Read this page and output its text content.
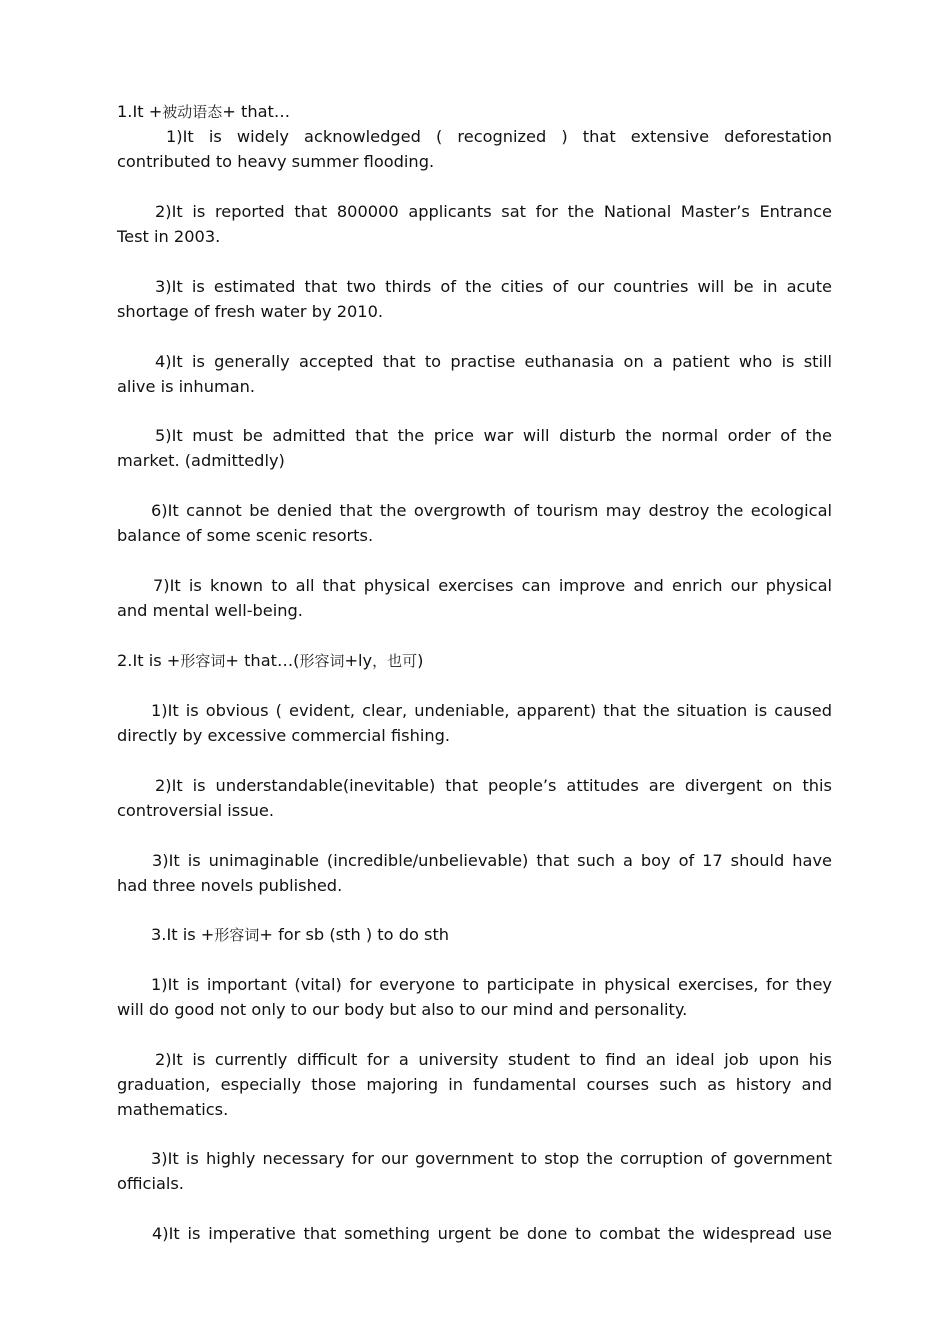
1.It +被动语态+ that…
1)It is widely acknowledged ( recognized ) that extensive deforestation
contributed to heavy summer flooding.
2)It is reported that 800000 applicants sat for the National Master’s Entrance
Test in 2003.
3)It is estimated that two thirds of the cities of our countries will be in acute
shortage of fresh water by 2010.
4)It is generally accepted that to practise euthanasia on a patient who is still
alive is inhuman.
5)It must be admitted that the price war will disturb the normal order of the
market. (admittedly)
6)It cannot be denied that the overgrowth of tourism may destroy the ecological
balance of some scenic resorts.
7)It is known to all that physical exercises can improve and enrich our physical
and mental well-being.
2.It is +形容词+ that…(形容词+ly，也可)
1)It is obvious ( evident, clear, undeniable, apparent) that the situation is caused
directly by excessive commercial fishing.
2)It is understandable(inevitable) that people’s attitudes are divergent on this
controversial issue.
3)It is unimaginable (incredible/unbelievable) that such a boy of 17 should have
had three novels published.
3.It is +形容词+ for sb (sth ) to do sth
1)It is important (vital) for everyone to participate in physical exercises, for they
will do good not only to our body but also to our mind and personality.
2)It is currently difficult for a university student to find an ideal job upon his
graduation, especially those majoring in fundamental courses such as history and
mathematics.
3)It is highly necessary for our government to stop the corruption of government
officials.
4)It is imperative that something urgent be done to combat the widespread use
